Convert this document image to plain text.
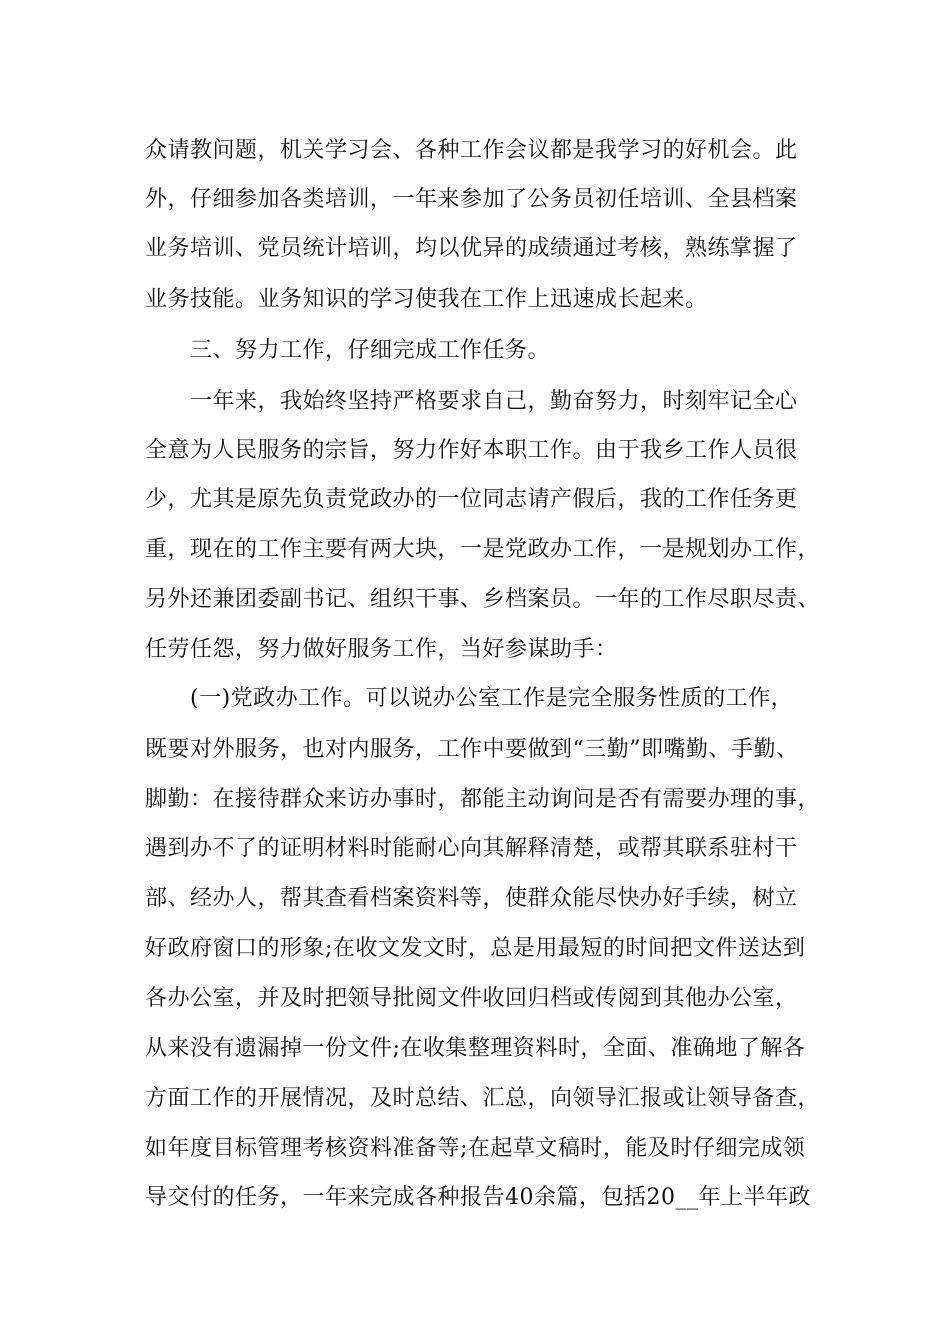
众请教问题，机关学习会、各种工作会议都是我学习的好机会。此
外，仔细参加各类培训，一年来参加了公务员初任培训、全县档案
业务培训、党员统计培训，均以优异的成绩通过考核，熟练掌握了
业务技能。业务知识的学习使我在工作上迅速成长起来。
三、努力工作，仔细完成工作任务。
一年来，我始终坚持严格要求自己，勤奋努力，时刻牢记全心
全意为人民服务的宗旨，努力作好本职工作。由于我乡工作人员很
少，尤其是原先负责党政办的一位同志请产假后，我的工作任务更
重，现在的工作主要有两大块，一是党政办工作，一是规划办工作，
另外还兼团委副书记、组织干事、乡档案员。一年的工作尽职尽责、
任劳任怨，努力做好服务工作，当好参谋助手：
(一)党政办工作。可以说办公室工作是完全服务性质的工作，
既要对外服务，也对内服务，工作中要做到“三勤”即嘴勤、手勤、
脚勤：在接待群众来访办事时，都能主动询问是否有需要办理的事，
遇到办不了的证明材料时能耐心向其解释清楚，或帮其联系驻村干
部、经办人，帮其查看档案资料等，使群众能尽快办好手续，树立
好政府窗口的形象;在收文发文时，总是用最短的时间把文件送达到
各办公室，并及时把领导批阅文件收回归档或传阅到其他办公室，
从来没有遗漏掉一份文件;在收集整理资料时，全面、准确地了解各
方面工作的开展情况，及时总结、汇总，向领导汇报或让领导备查，
如年度目标管理考核资料准备等;在起草文稿时，能及时仔细完成领
导交付的任务，一年来完成各种报告40余篇，包括20__年上半年政
